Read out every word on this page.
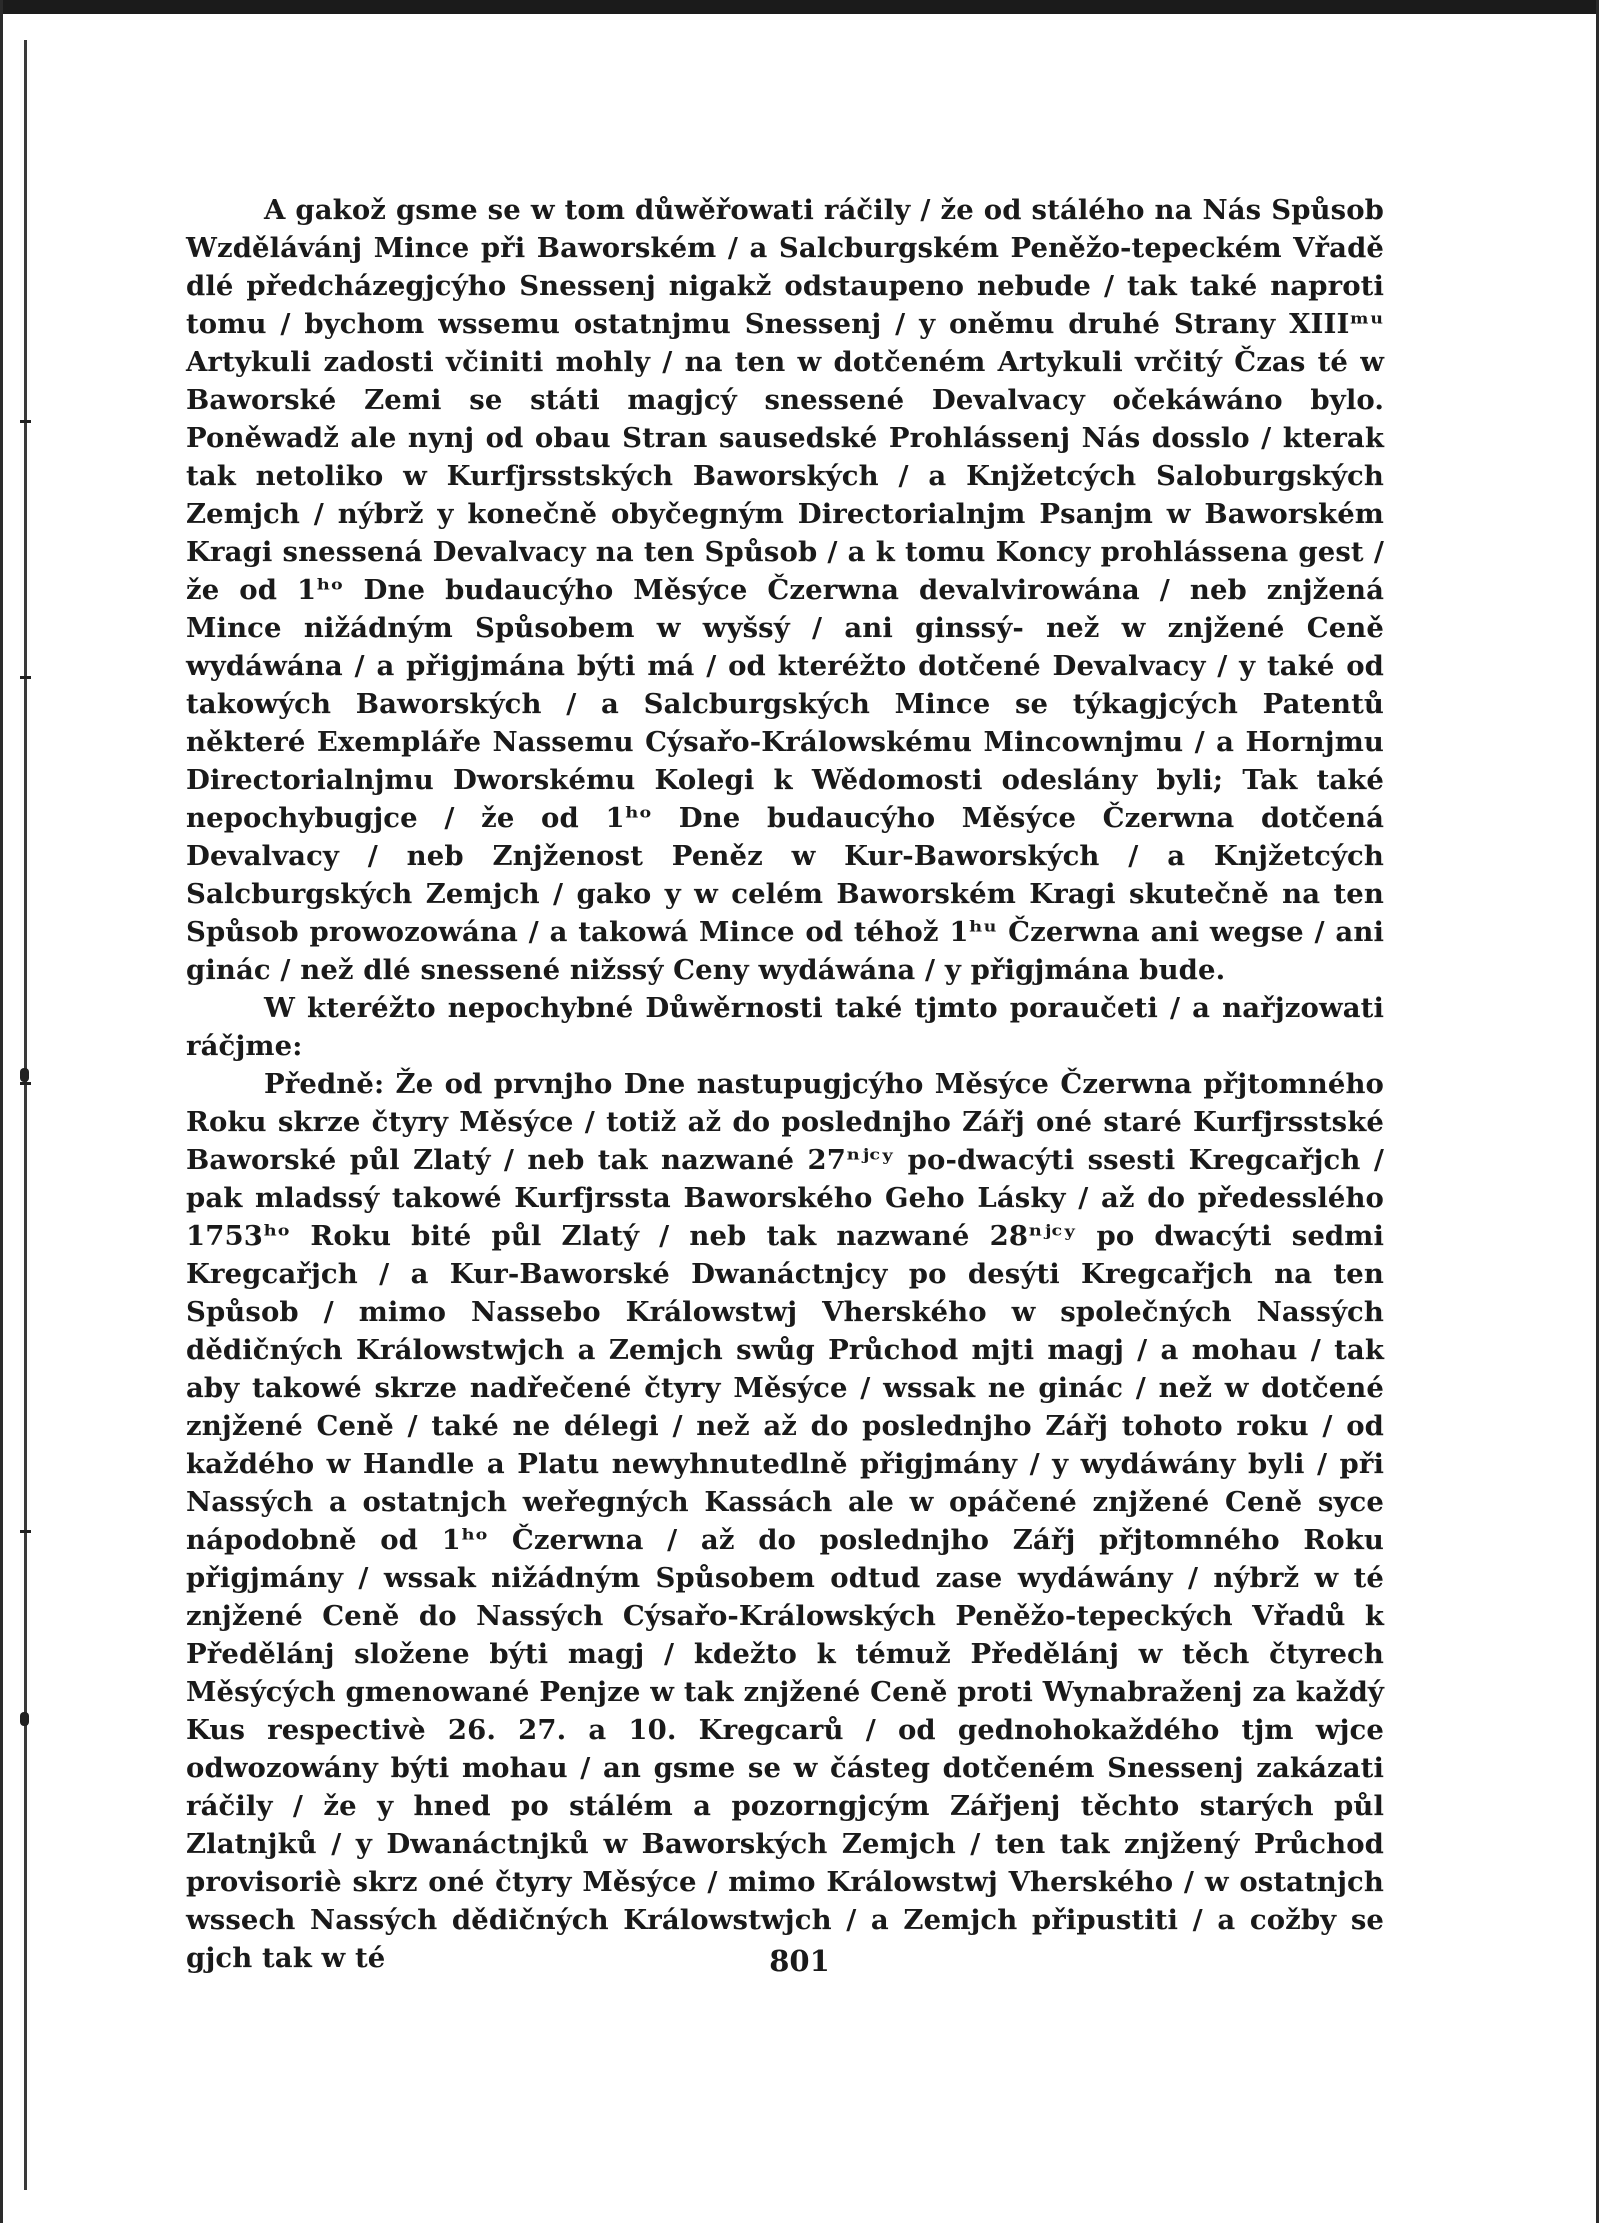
A gakož gsme se w tom důwěřowati ráčily / že od stálého na Nás Spůsob Wzdělávánj Mince při Baworském / a Salcburgském Peněžo-tepeckém Vřadě dlé předcházegjcýho Snessenj nigakž odstaupeno nebude / tak také naproti tomu / bychom wssemu ostatnjmu Snessenj / y oněmu druhé Strany XIIIᵐᵘ Artykuli zadosti včiniti mohly / na ten w dotčeném Artykuli vrčitý Čzas té w Baworské Zemi se státi magjcý snessené Devalvacy očekáwáno bylo. Poněwadž ale nynj od obau Stran sausedské Prohlássenj Nás dosslo / kterak tak netoliko w Kurfjrsstských Baworských / a Knjžetcých Saloburgských Zemjch / nýbrž y konečně obyčegným Directorialnjm Psanjm w Baworském Kragi snessená Devalvacy na ten Spůsob / a k tomu Koncy prohlássena gest / že od 1ʰᵒ Dne budaucýho Měsýce Čzerwna devalvirowána / neb znjžená Mince nižádným Spůsobem w wyšsý / ani ginssý- než w znjžené Ceně wydáwána / a přigjmána býti má / od kteréžto dotčené Devalvacy / y také od takowých Baworských / a Salcburgských Mince se týkagjcých Patentů některé Exempláře Nassemu Cýsařo-Králowskému Mincownjmu / a Hornjmu Directorialnjmu Dworskému Kolegi k Wědomosti odeslány byli; Tak také nepochybugjce / že od 1ʰᵒ Dne budaucýho Měsýce Čzerwna dotčená Devalvacy / neb Znjženost Peněz w Kur-Baworských / a Knjžetcých Salcburgských Zemjch / gako y w celém Baworském Kragi skutečně na ten Spůsob prowozowána / a takowá Mince od téhož 1ʰᵘ Čzerwna ani wegse / ani ginác / než dlé snessené nižssý Ceny wydáwána / y přigjmána bude.

W kteréžto nepochybné Důwěrnosti také tjmto poraučeti / a nařjzowati ráčjme:

Předně: Že od prvnjho Dne nastupugjcýho Měsýce Čzerwna přjtomného Roku skrze čtyry Měsýce / totiž až do poslednjho Zářj oné staré Kurfjrsstské Baworské půl Zlatý / neb tak nazwané 27ⁿʲᶜʸ po-dwacýti ssesti Kregcařjch / pak mladssý takowé Kurfjrssta Baworského Geho Lásky / až do předesslého 1753ʰᵒ Roku bité půl Zlatý / neb tak nazwané 28ⁿʲᶜʸ po dwacýti sedmi Kregcařjch / a Kur-Baworské Dwanáctnjcy po desýti Kregcařjch na ten Spůsob / mimo Nassebo Králowstwj Vherského w společných Nassých dědičných Králowstwjch a Zemjch swůg Průchod mjti magj / a mohau / tak aby takowé skrze nadřečené čtyry Měsýce / wssak ne ginác / než w dotčené znjžené Ceně / také ne délegi / než až do poslednjho Zářj tohoto roku / od každého w Handle a Platu newyhnutedlně přigjmány / y wydáwány byli / při Nassých a ostatnjch weřegných Kassách ale w opáčené znjžené Ceně syce nápodobně od 1ʰᵒ Čzerwna / až do poslednjho Zářj přjtomného Roku přigjmány / wssak nižádným Spůsobem odtud zase wydáwány / nýbrž w té znjžené Ceně do Nassých Cýsařo-Králowských Peněžo-tepeckých Vřadů k Předělánj složene býti magj / kdežto k témuž Předělánj w těch čtyrech Měsýcých gmenowané Penjze w tak znjžené Ceně proti Wynabraženj za každý Kus respectivè 26. 27. a 10. Kregcarů / od gednohokaždého tjm wjce odwozowány býti mohau / an gsme se w částeg dotčeném Snessenj zakázati ráčily / že y hned po stálém a pozorngjcým Zářjenj těchto starých půl Zlatnjků / y Dwanáctnjků w Baworských Zemjch / ten tak znjžený Průchod provisoriè skrz oné čtyry Měsýce / mimo Králowstwj Vherského / w ostatnjch wssech Nassých dědičných Králowstwjch / a Zemjch připustiti / a cožby se gjch tak w té	801
